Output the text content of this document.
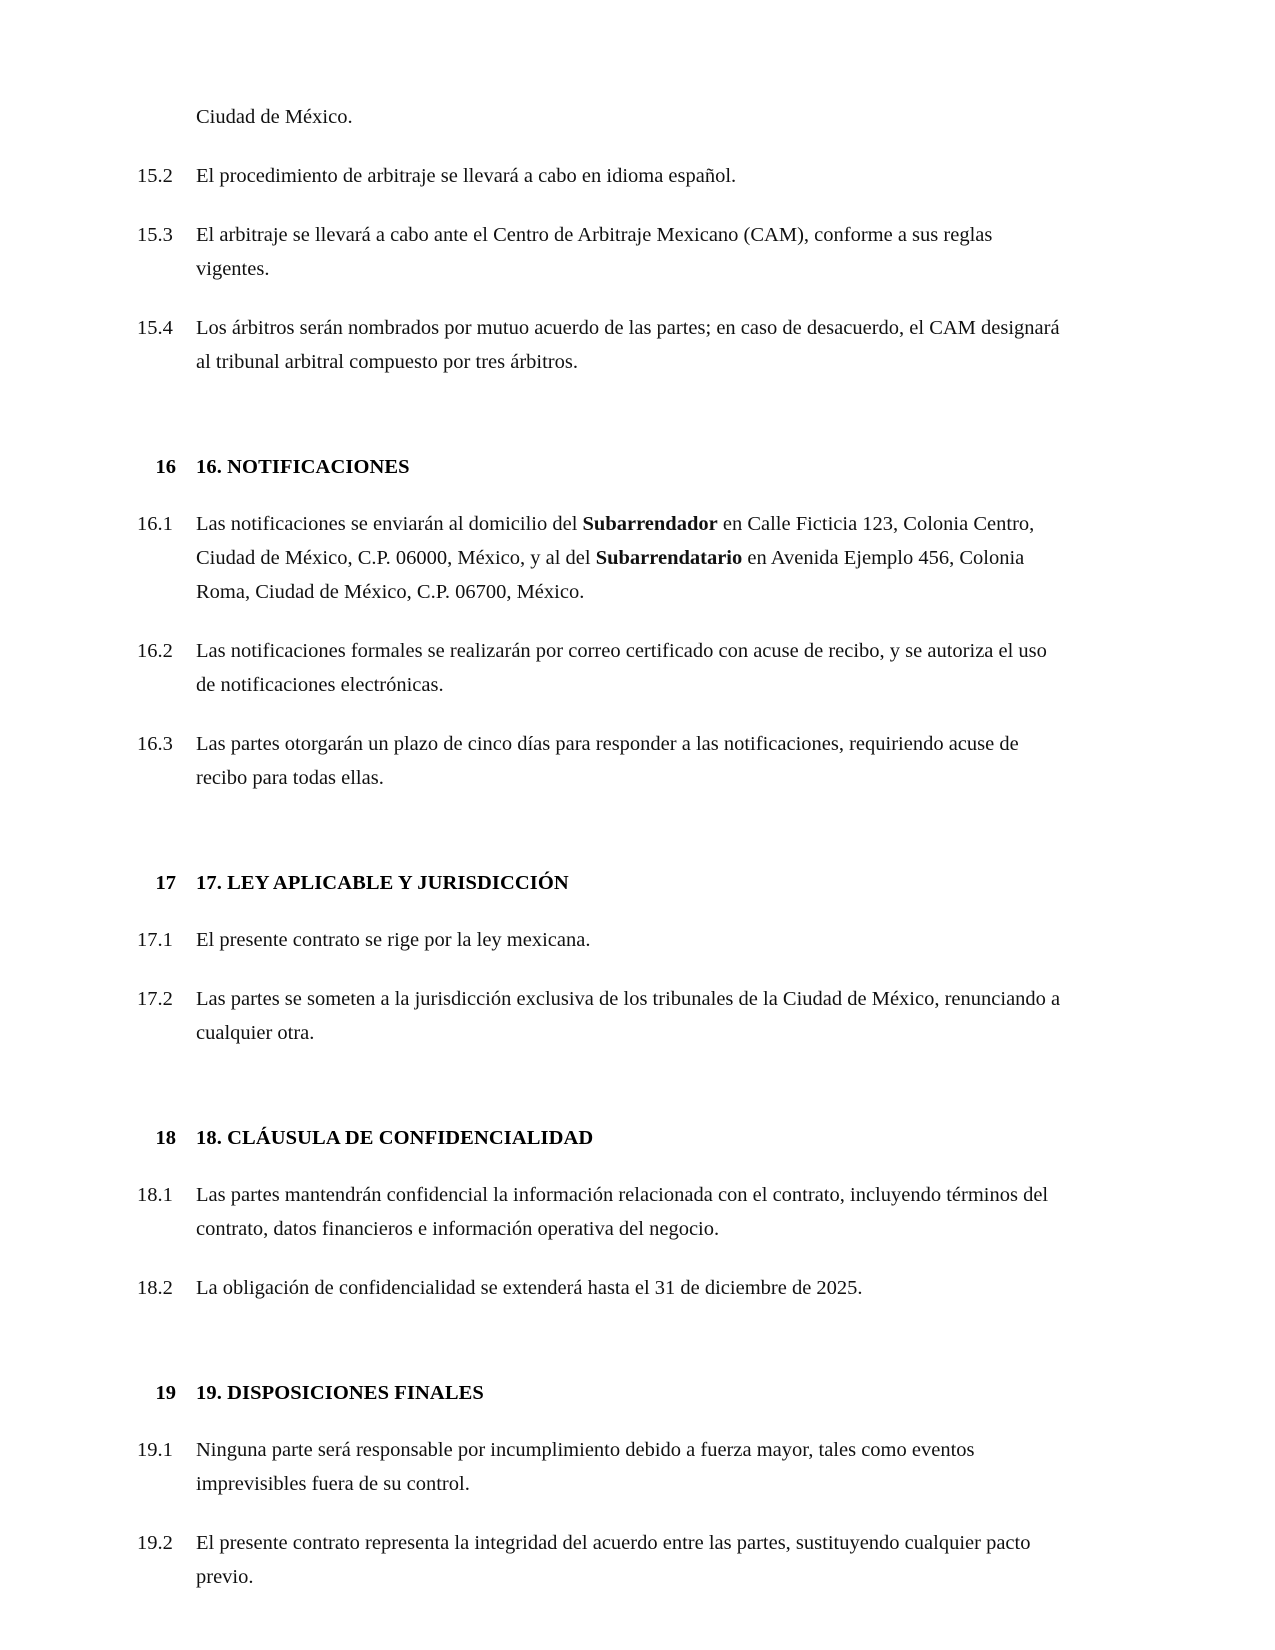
Ciudad de México.

15.2	El procedimiento de arbitraje se llevará a cabo en idioma español.
15.3	El arbitraje se llevará a cabo ante el Centro de Arbitraje Mexicano (CAM), conforme a sus reglas vigentes.
15.4	Los árbitros serán nombrados por mutuo acuerdo de las partes; en caso de desacuerdo, el CAM designará al tribunal arbitral compuesto por tres árbitros.
16 16. NOTIFICACIONES
16.1	Las notificaciones se enviarán al domicilio del Subarrendador en Calle Ficticia 123, Colonia Centro, Ciudad de México, C.P. 06000, México, y al del Subarrendatario en Avenida Ejemplo 456, Colonia Roma, Ciudad de México, C.P. 06700, México.
16.2	Las notificaciones formales se realizarán por correo certificado con acuse de recibo, y se autoriza el uso de notificaciones electrónicas.
16.3	Las partes otorgarán un plazo de cinco días para responder a las notificaciones, requiriendo acuse de recibo para todas ellas.
17 17. LEY APLICABLE Y JURISDICCIÓN
17.1	El presente contrato se rige por la ley mexicana.
17.2	Las partes se someten a la jurisdicción exclusiva de los tribunales de la Ciudad de México, renunciando a cualquier otra.
18 18. CLÁUSULA DE CONFIDENCIALIDAD
18.1	Las partes mantendrán confidencial la información relacionada con el contrato, incluyendo términos del contrato, datos financieros e información operativa del negocio.
18.2	La obligación de confidencialidad se extenderá hasta el 31 de diciembre de 2025.
19 19. DISPOSICIONES FINALES
19.1	Ninguna parte será responsable por incumplimiento debido a fuerza mayor, tales como eventos imprevisibles fuera de su control.
19.2	El presente contrato representa la integridad del acuerdo entre las partes, sustituyendo cualquier pacto previo.
